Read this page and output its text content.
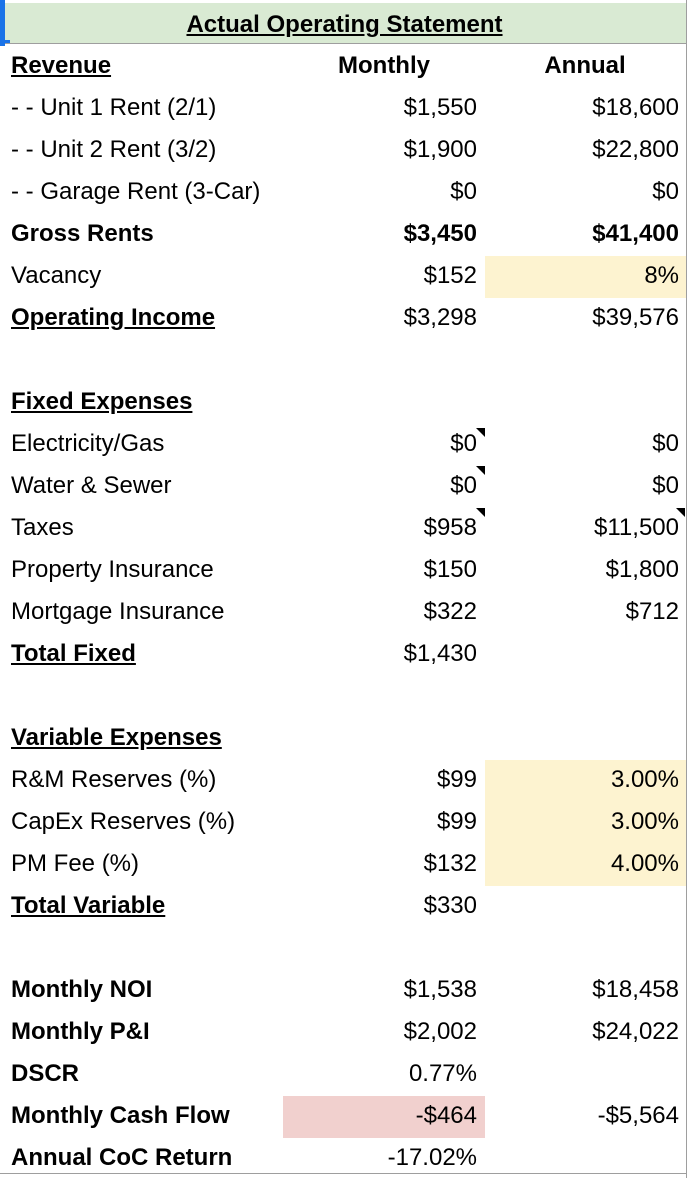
Actual Operating Statement
Revenue	Monthly	Annual
- - Unit 1 Rent (2/1)	$1,550	$18,600
- - Unit 2 Rent (3/2)	$1,900	$22,800
- - Garage Rent (3-Car)	$0	$0
Gross Rents	$3,450	$41,400
Vacancy	$152	8%
Operating Income	$3,298	$39,576
Fixed Expenses
Electricity/Gas	$0	$0
Water & Sewer	$0	$0
Taxes	$958	$11,500
Property Insurance	$150	$1,800
Mortgage Insurance	$322	$712
Total Fixed	$1,430
Variable Expenses
R&M Reserves (%)	$99	3.00%
CapEx Reserves (%)	$99	3.00%
PM Fee (%)	$132	4.00%
Total Variable	$330
Monthly NOI	$1,538	$18,458
Monthly P&I	$2,002	$24,022
DSCR	0.77%
Monthly Cash Flow	-$464	-$5,564
Annual CoC Return	-17.02%
